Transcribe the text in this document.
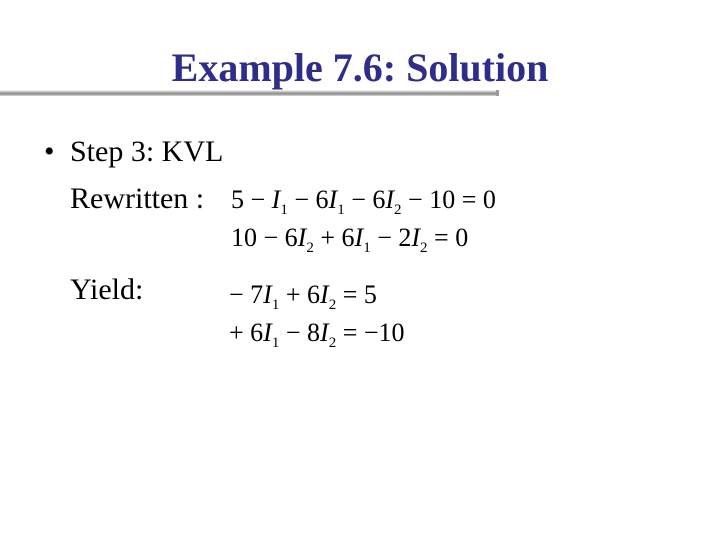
Example 7.6: Solution
• Step 3: KVL
Rewritten :
Yield:
$5 - I_1 - 6I_1 - 6I_2 - 10 = 0$
$10 - 6I_2 + 6I_1 - 2I_2 = 0$
− $7I_1 + 6I_2 = 5$
+ $6I_1 - 8I_2 = -10$
